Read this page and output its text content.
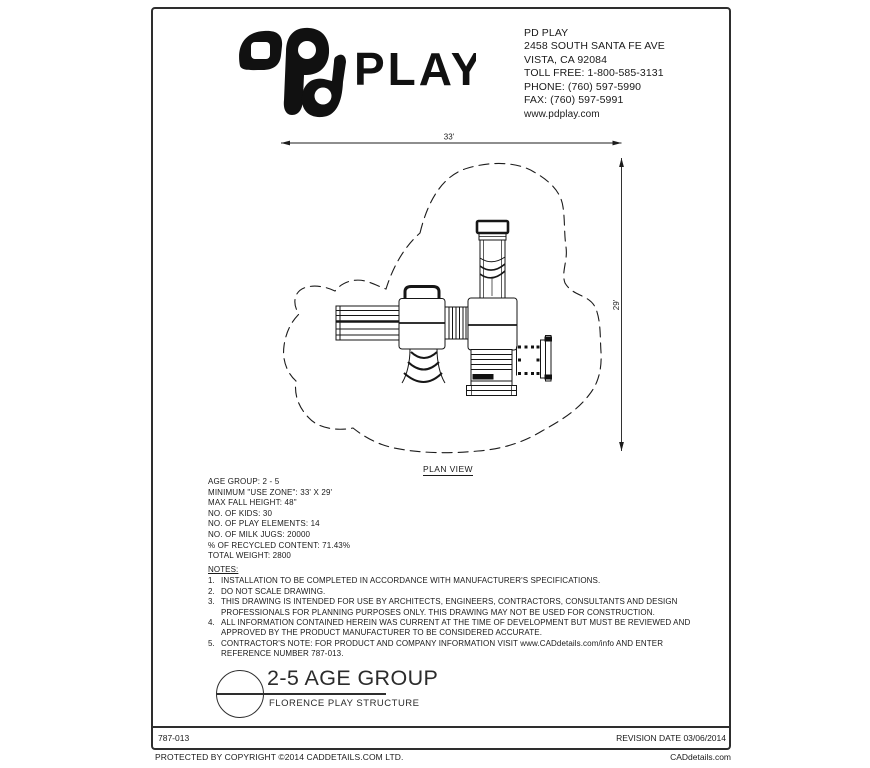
PLAY
PD PLAY
2458 SOUTH SANTA FE AVE
VISTA, CA 92084
TOLL FREE: 1-800-585-3131
PHONE: (760) 597-5990
FAX: (760) 597-5991
www.pdplay.com
33'
29'
PLAN VIEW
AGE GROUP: 2 - 5
MINIMUM "USE ZONE": 33' X 29'
MAX FALL HEIGHT: 48"
NO. OF KIDS: 30
NO. OF PLAY ELEMENTS: 14
NO. OF MILK JUGS: 20000
% OF RECYCLED CONTENT: 71.43%
TOTAL WEIGHT: 2800
NOTES:
1. INSTALLATION TO BE COMPLETED IN ACCORDANCE WITH MANUFACTURER'S SPECIFICATIONS.
2. DO NOT SCALE DRAWING.
3. THIS DRAWING IS INTENDED FOR USE BY ARCHITECTS, ENGINEERS, CONTRACTORS, CONSULTANTS AND DESIGN PROFESSIONALS FOR PLANNING PURPOSES ONLY. THIS DRAWING MAY NOT BE USED FOR CONSTRUCTION.
4. ALL INFORMATION CONTAINED HEREIN WAS CURRENT AT THE TIME OF DEVELOPMENT BUT MUST BE REVIEWED AND APPROVED BY THE PRODUCT MANUFACTURER TO BE CONSIDERED ACCURATE.
5. CONTRACTOR'S NOTE: FOR PRODUCT AND COMPANY INFORMATION VISIT www.CADdetails.com/info AND ENTER REFERENCE NUMBER 787-013.
2-5 AGE GROUP
FLORENCE PLAY STRUCTURE
787-013	REVISION DATE 03/06/2014
PROTECTED BY COPYRIGHT ©2014 CADDETAILS.COM LTD.	CADdetails.com
